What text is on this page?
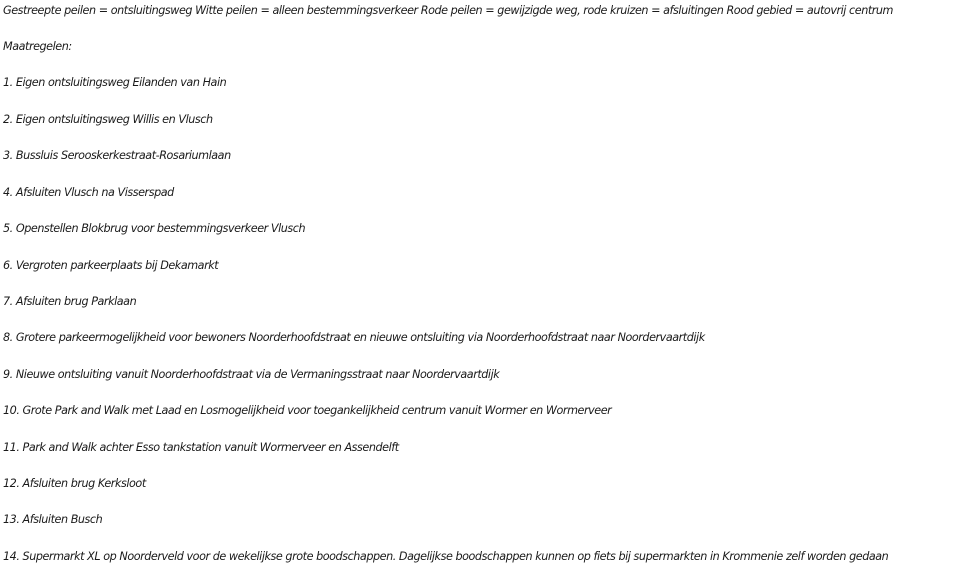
Gestreepte peilen = ontsluitingsweg Witte peilen = alleen bestemmingsverkeer Rode peilen = gewijzigde weg, rode kruizen = afsluitingen Rood gebied = autovrij centrum
Maatregelen:
1. Eigen ontsluitingsweg Eilanden van Hain
2. Eigen ontsluitingsweg Willis en Vlusch
3. Bussluis Serooskerkestraat-Rosariumlaan
4. Afsluiten Vlusch na Visserspad
5. Openstellen Blokbrug voor bestemmingsverkeer Vlusch
6. Vergroten parkeerplaats bij Dekamarkt
7. Afsluiten brug Parklaan
8. Grotere parkeermogelijkheid voor bewoners Noorderhoofdstraat en nieuwe ontsluiting via Noorderhoofdstraat naar Noordervaartdijk
9. Nieuwe ontsluiting vanuit Noorderhoofdstraat via de Vermaningsstraat naar Noordervaartdijk
10. Grote Park and Walk met Laad en Losmogelijkheid voor toegankelijkheid centrum vanuit Wormer en Wormerveer
11. Park and Walk achter Esso tankstation vanuit Wormerveer en Assendelft
12. Afsluiten brug Kerksloot
13. Afsluiten Busch
14. Supermarkt XL op Noorderveld voor de wekelijkse grote boodschappen. Dagelijkse boodschappen kunnen op fiets bij supermarkten in Krommenie zelf worden gedaan
